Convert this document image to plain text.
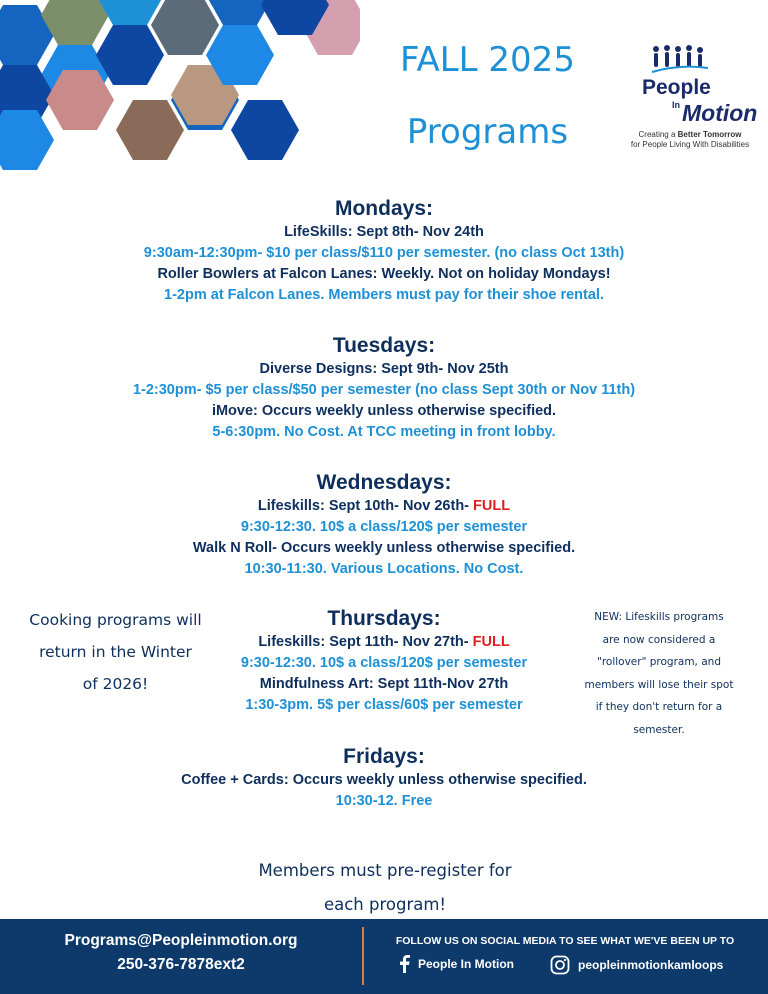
FALL 2025
Programs
People
In Motion
Creating a Better Tomorrow
for People Living With Disabilities
Mondays:
LifeSkills: Sept 8th- Nov 24th
9:30am-12:30pm- $10 per class/$110 per semester. (no class Oct 13th)
Roller Bowlers at Falcon Lanes: Weekly. Not on holiday Mondays!
1-2pm at Falcon Lanes. Members must pay for their shoe rental.
Tuesdays:
Diverse Designs: Sept 9th- Nov 25th
1-2:30pm- $5 per class/$50 per semester (no class Sept 30th or Nov 11th)
iMove: Occurs weekly unless otherwise specified.
5-6:30pm. No Cost. At TCC meeting in front lobby.
Wednesdays:
Lifeskills: Sept 10th- Nov 26th- FULL
9:30-12:30. 10$ a class/120$ per semester
Walk N Roll- Occurs weekly unless otherwise specified.
10:30-11:30. Various Locations. No Cost.
Thursdays:
Lifeskills: Sept 11th- Nov 27th- FULL
9:30-12:30. 10$ a class/120$ per semester
Mindfulness Art: Sept 11th-Nov 27th
1:30-3pm. 5$ per class/60$ per semester
Fridays:
Coffee + Cards: Occurs weekly unless otherwise specified.
10:30-12. Free
Cooking programs will
return in the Winter
of 2026!
NEW: Lifeskills programs
are now considered a
"rollover" program, and
members will lose their spot
if they don't return for a
semester.
Members must pre-register for
each program!
Programs@Peopleinmotion.org
250-376-7878ext2
FOLLOW US ON SOCIAL MEDIA TO SEE WHAT WE'VE BEEN UP TO
People In Motion	peopleinmotionkamloops
